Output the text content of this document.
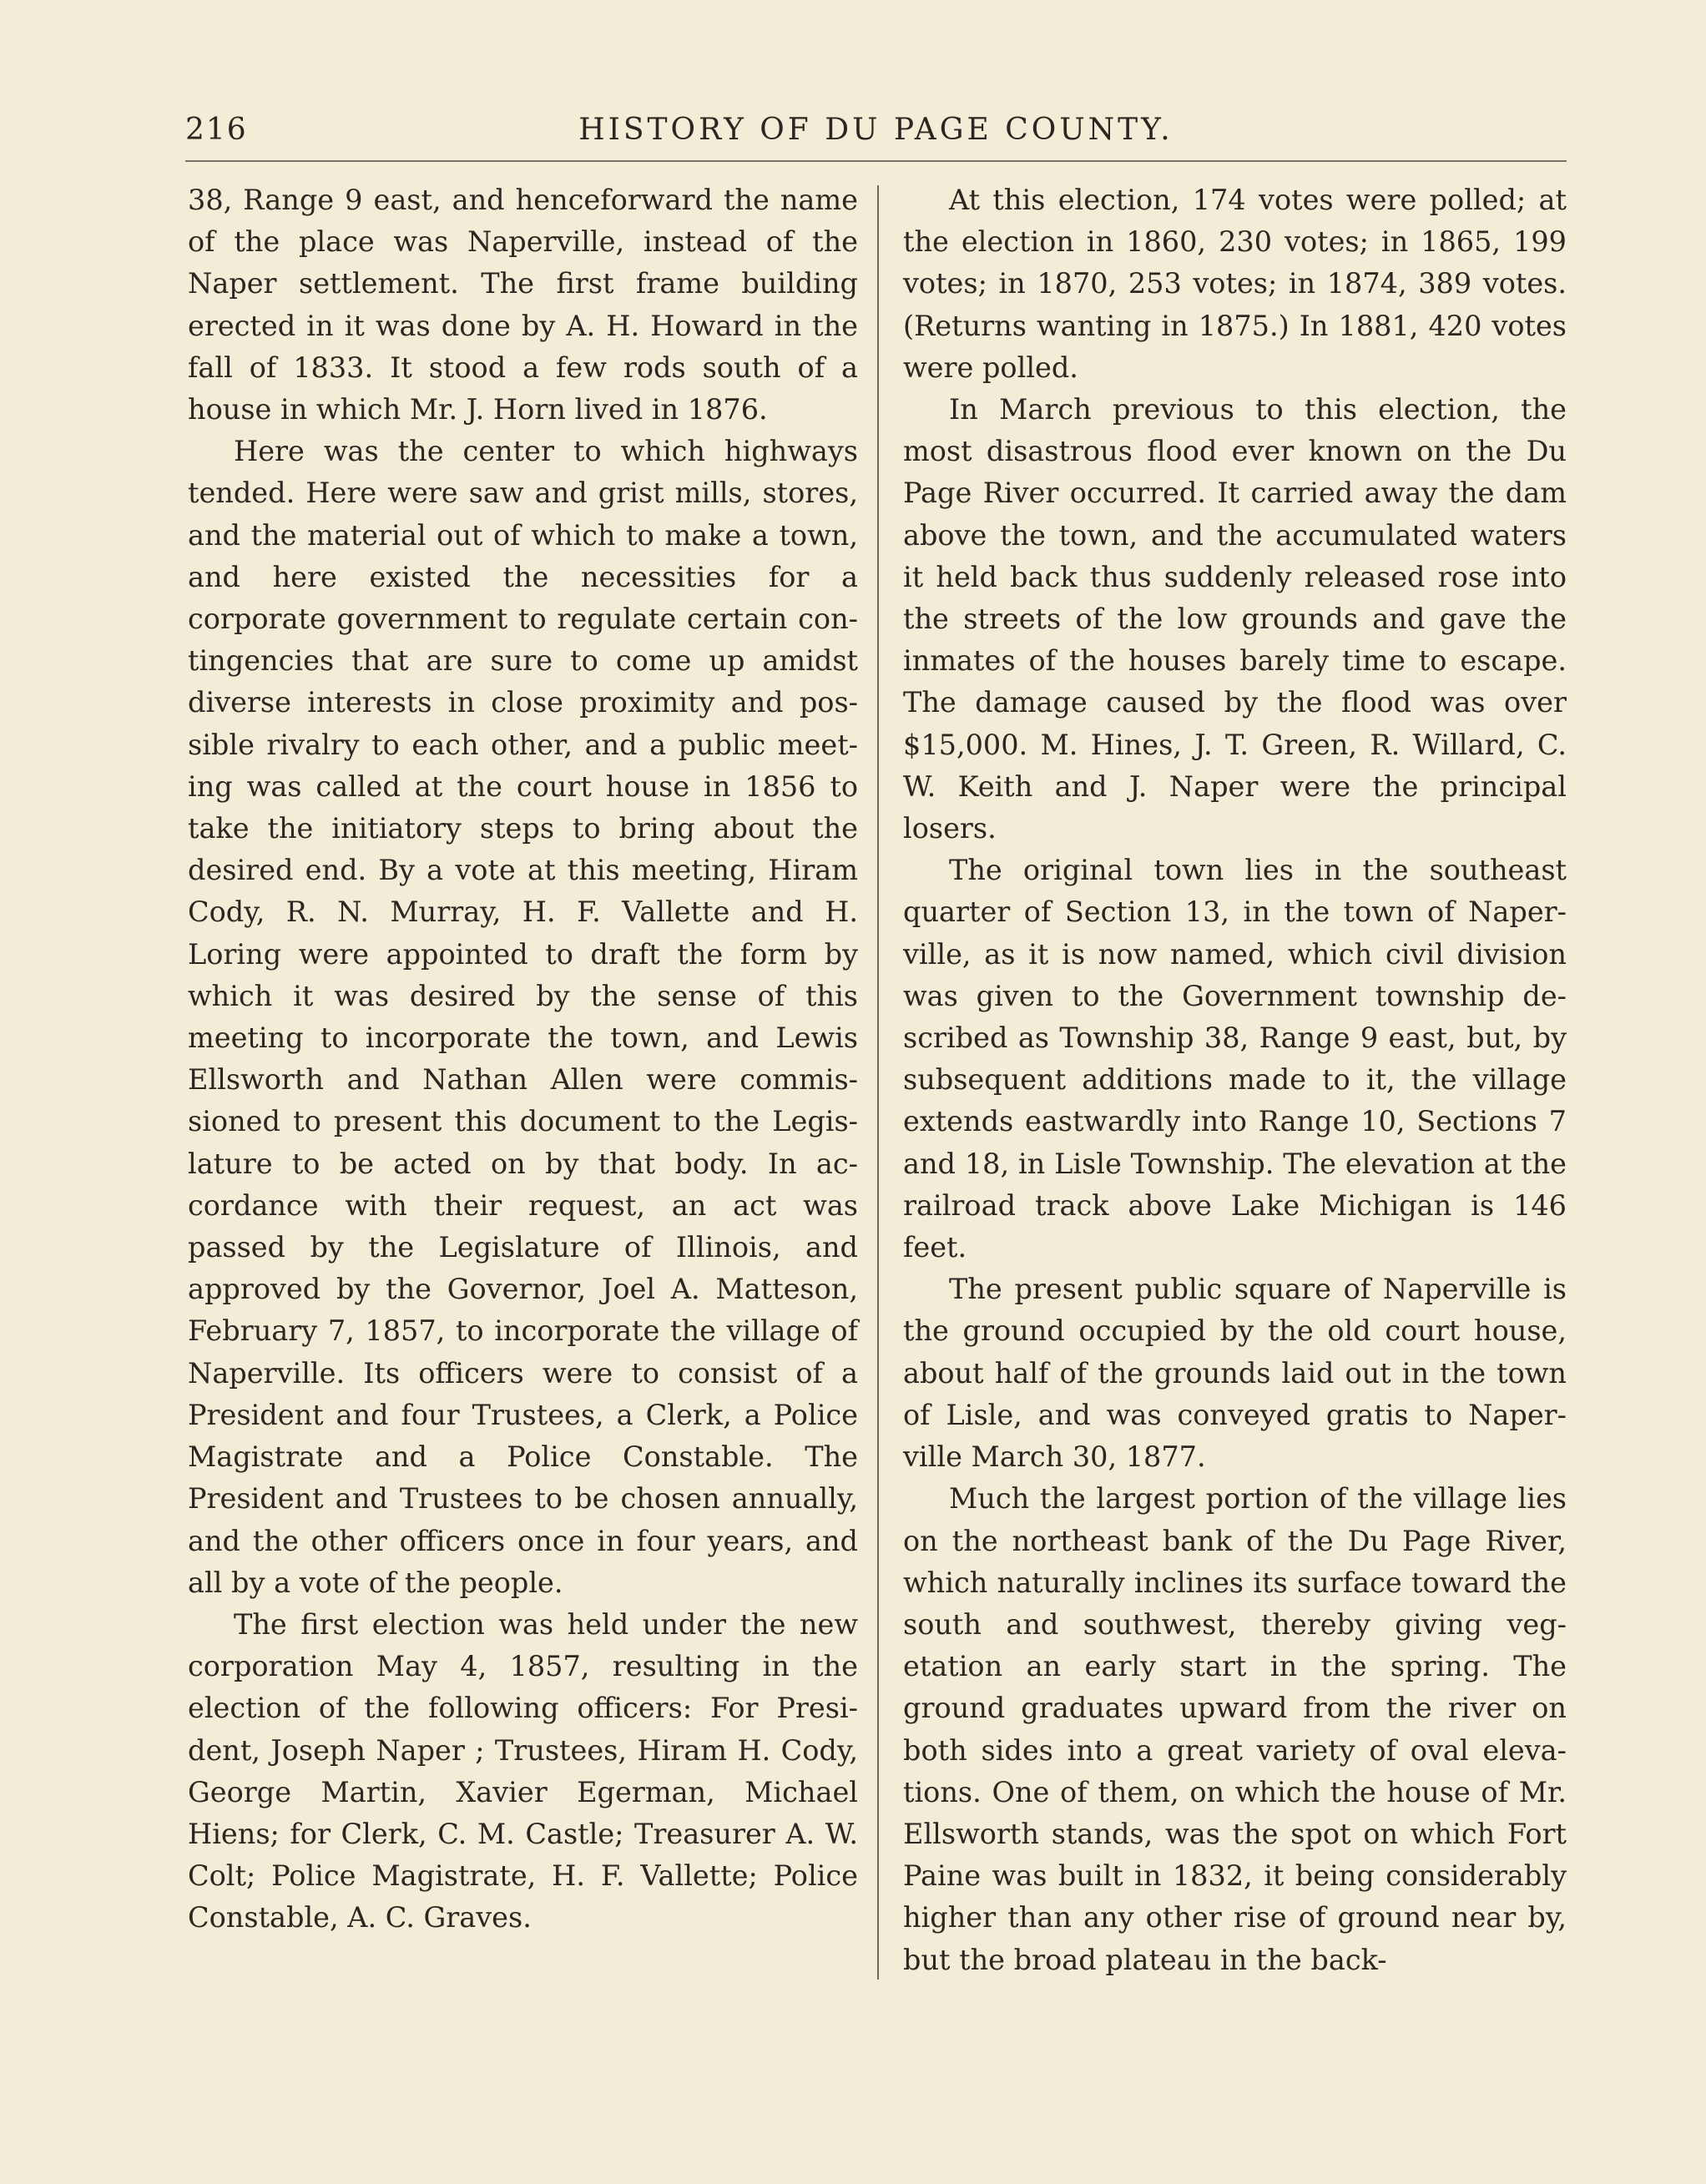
216	HISTORY OF DU PAGE COUNTY.

38, Range 9 east, and henceforward the name of the place was Naperville, instead of the Naper settlement. The first frame building erected in it was done by A. H. Howard in the fall of 1833. It stood a few rods south of a house in which Mr. J. Horn lived in 1876.

Here was the center to which highways tended. Here were saw and grist mills, stores, and the material out of which to make a town, and here existed the necessities for a corporate government to regulate certain contingencies that are sure to come up amidst diverse interests in close proximity and possible rivalry to each other, and a public meeting was called at the court house in 1856 to take the initiatory steps to bring about the desired end. By a vote at this meeting, Hiram Cody, R. N. Murray, H. F. Vallette and H. Loring were appointed to draft the form by which it was desired by the sense of this meeting to incorporate the town, and Lewis Ellsworth and Nathan Allen were commissioned to present this document to the Legislature to be acted on by that body. In accordance with their request, an act was passed by the Legislature of Illinois, and approved by the Governor, Joel A. Matteson, February 7, 1857, to incorporate the village of Naperville. Its officers were to consist of a President and four Trustees, a Clerk, a Police Magistrate and a Police Constable. The President and Trustees to be chosen annually, and the other officers once in four years, and all by a vote of the people.

The first election was held under the new corporation May 4, 1857, resulting in the election of the following officers: For President, Joseph Naper ; Trustees, Hiram H. Cody, George Martin, Xavier Egerman, Michael Hiens; for Clerk, C. M. Castle; Treasurer A. W. Colt; Police Magistrate, H. F. Vallette; Police Constable, A. C. Graves.

At this election, 174 votes were polled; at the election in 1860, 230 votes; in 1865, 199 votes; in 1870, 253 votes; in 1874, 389 votes. (Returns wanting in 1875.) In 1881, 420 votes were polled.

In March previous to this election, the most disastrous flood ever known on the Du Page River occurred. It carried away the dam above the town, and the accumulated waters it held back thus suddenly released rose into the streets of the low grounds and gave the inmates of the houses barely time to escape. The damage caused by the flood was over $15,000. M. Hines, J. T. Green, R. Willard, C. W. Keith and J. Naper were the principal losers.

The original town lies in the southeast quarter of Section 13, in the town of Naperville, as it is now named, which civil division was given to the Government township described as Township 38, Range 9 east, but, by subsequent additions made to it, the village extends eastwardly into Range 10, Sections 7 and 18, in Lisle Township. The elevation at the railroad track above Lake Michigan is 146 feet.

The present public square of Naperville is the ground occupied by the old court house, about half of the grounds laid out in the town of Lisle, and was conveyed gratis to Naperville March 30, 1877.

Much the largest portion of the village lies on the northeast bank of the Du Page River, which naturally inclines its surface toward the south and southwest, thereby giving vegetation an early start in the spring. The ground graduates upward from the river on both sides into a great variety of oval elevations. One of them, on which the house of Mr. Ellsworth stands, was the spot on which Fort Paine was built in 1832, it being considerably higher than any other rise of ground near by, but the broad plateau in the back-
